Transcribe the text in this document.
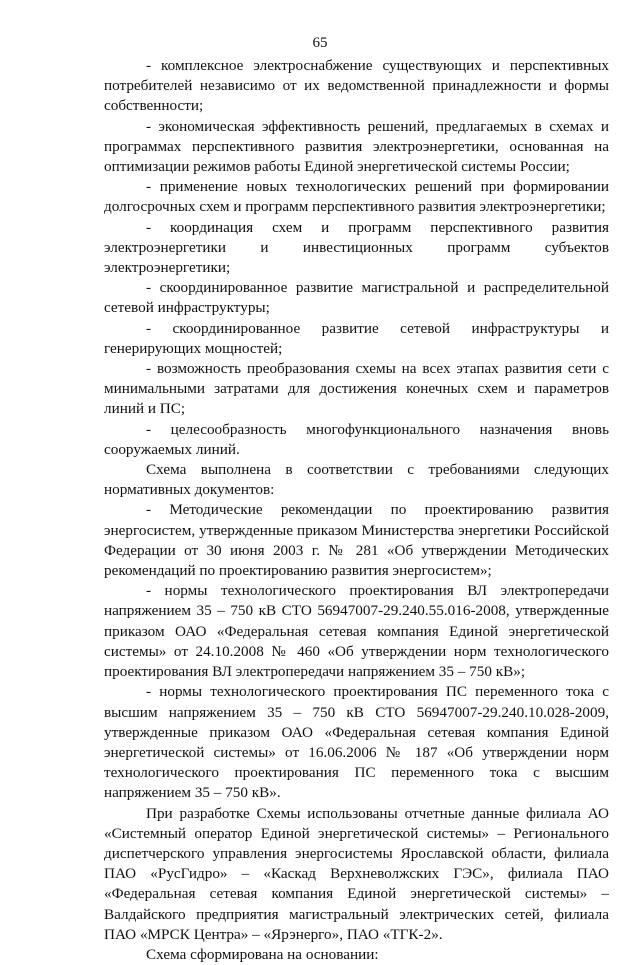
65

- комплексное электроснабжение существующих и перспективных потребителей независимо от их ведомственной принадлежности и формы собственности;

- экономическая эффективность решений, предлагаемых в схемах и программах перспективного развития электроэнергетики, основанная на оптимизации режимов работы Единой энергетической системы России;

- применение новых технологических решений при формировании долгосрочных схем и программ перспективного развития электроэнергетики;

- координация схем и программ перспективного развития электроэнергетики и инвестиционных программ субъектов электроэнергетики;

- скоординированное развитие магистральной и распределительной сетевой инфраструктуры;

- скоординированное развитие сетевой инфраструктуры и генерирующих мощностей;

- возможность преобразования схемы на всех этапах развития сети с минимальными затратами для достижения конечных схем и параметров линий и ПС;

- целесообразность многофункционального назначения вновь сооружаемых линий.

Схема выполнена в соответствии с требованиями следующих нормативных документов:

- Методические рекомендации по проектированию развития энергосистем, утвержденные приказом Министерства энергетики Российской Федерации от 30 июня 2003 г. № 281 «Об утверждении Методических рекомендаций по проектированию развития энергосистем»;

- нормы технологического проектирования ВЛ электропередачи напряжением 35 – 750 кВ СТО 56947007-29.240.55.016-2008, утвержденные приказом ОАО «Федеральная сетевая компания Единой энергетической системы» от 24.10.2008 № 460 «Об утверждении норм технологического проектирования ВЛ электропередачи напряжением 35 – 750 кВ»;

- нормы технологического проектирования ПС переменного тока с высшим напряжением 35 – 750 кВ СТО 56947007-29.240.10.028-2009, утвержденные приказом ОАО «Федеральная сетевая компания Единой энергетической системы» от 16.06.2006 № 187 «Об утверждении норм технологического проектирования ПС переменного тока с высшим напряжением 35 – 750 кВ».

При разработке Схемы использованы отчетные данные филиала АО «Системный оператор Единой энергетической системы» – Регионального диспетчерского управления энергосистемы Ярославской области, филиала ПАО «РусГидро» – «Каскад Верхневолжских ГЭС», филиала ПАО «Федеральная сетевая компания Единой энергетической системы» – Валдайского предприятия магистральный электрических сетей, филиала ПАО «МРСК Центра» – «Ярэнерго», ПАО «ТГК-2».

Схема сформирована на основании:
